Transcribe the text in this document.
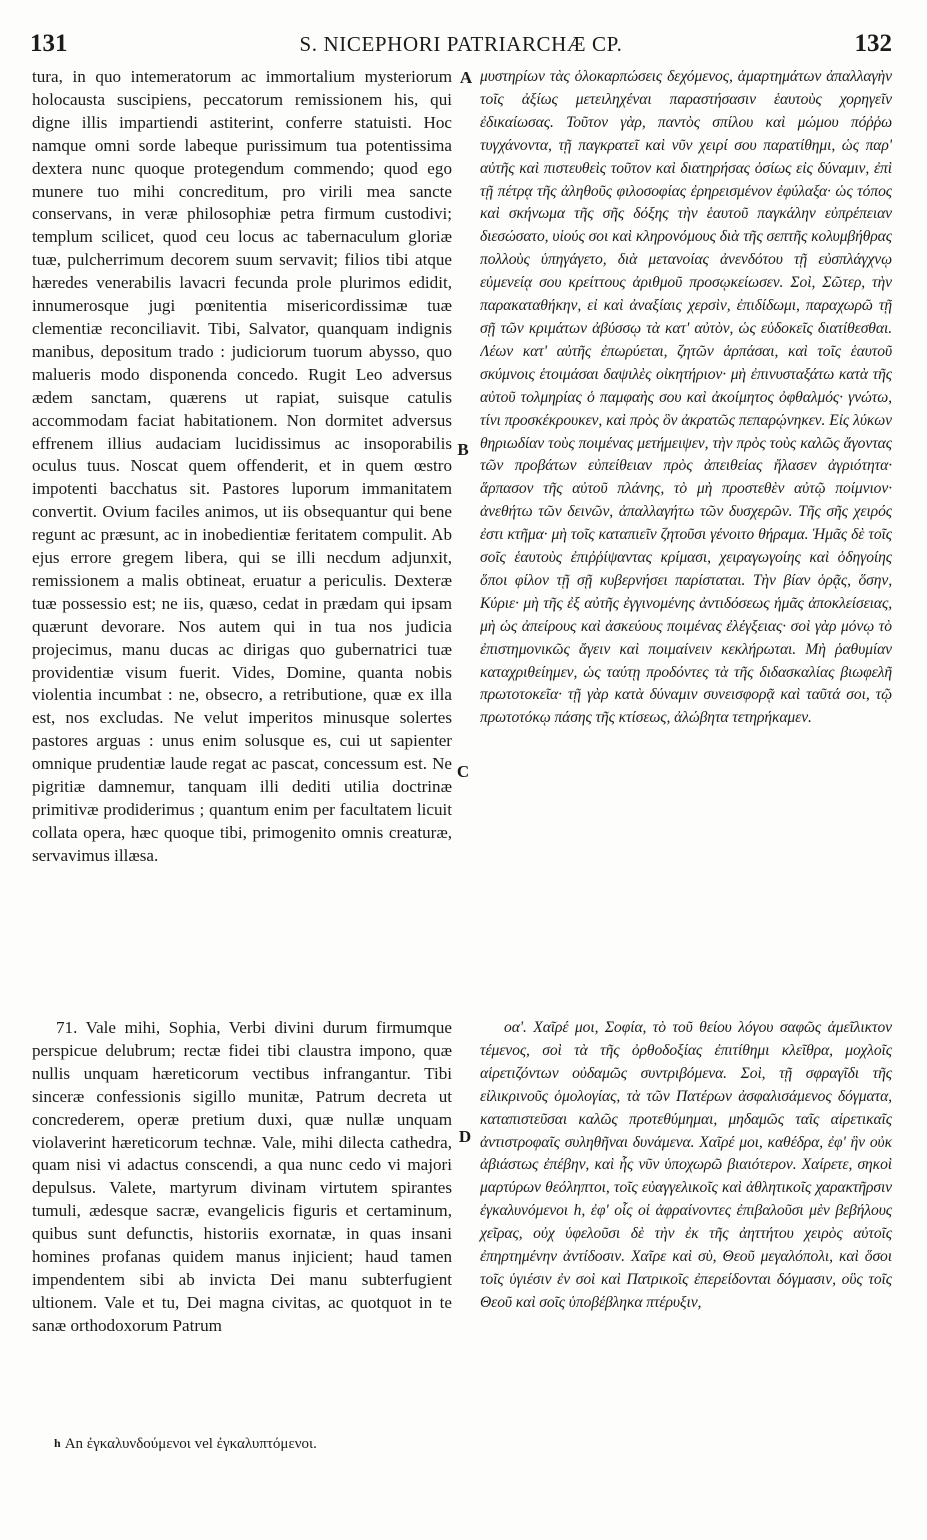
131	S. NICEPHORI PATRIARCHÆ CP.	132

tura, in quo intemeratorum ac immortalium mysteriorum holocausta suscipiens, peccatorum remissionem his, qui digne illis impartiendi astiterint, conferre statuisti. Hoc namque omni sorde labeque purissimum tua potentissima dextera nunc quoque protegendum commendo; quod ego munere tuo mihi concreditum, pro virili mea sancte conservans, in veræ philosophiæ petra firmum custodivi; templum scilicet, quod ceu locus ac tabernaculum gloriæ tuæ, pulcherrimum decorem suum servavit; filios tibi atque hæredes venerabilis lavacri fecunda prole plurimos edidit, innumerosque jugi pœnitentia misericordissimæ tuæ clementiæ reconciliavit. Tibi, Salvator, quanquam indignis manibus, depositum trado : judiciorum tuorum abysso, quo malueris modo disponenda concedo. Rugit Leo adversus ædem sanctam, quærens ut rapiat, suisque catulis accommodam faciat habitationem. Non dormitet adversus effrenem illius audaciam lucidissimus ac insoporabilis oculus tuus. Noscat quem offenderit, et in quem œstro impotenti bacchatus sit. Pastores luporum immanitatem convertit. Ovium faciles animos, ut iis obsequantur qui bene regunt ac præsunt, ac in inobedientiæ feritatem compulit. Ab ejus errore gregem libera, qui se illi necdum adjunxit, remissionem a malis obtineat, eruatur a periculis. Dexteræ tuæ possessio est; ne iis, quæso, cedat in prædam qui ipsam quærunt devorare. Nos autem qui in tua nos judicia projecimus, manu ducas ac dirigas quo gubernatrici tuæ providentiæ visum fuerit. Vides, Domine, quanta nobis violentia incumbat : ne, obsecro, a retributione, quæ ex illa est, nos excludas. Ne velut imperitos minusque solertes pastores arguas : unus enim solusque es, cui ut sapienter omnique prudentiæ laude regat ac pascat, concessum est. Ne pigritiæ damnemur, tanquam illi dediti utilia doctrinæ primitivæ prodiderimus ; quantum enim per facultatem licuit collata opera, hæc quoque tibi, primogenito omnis creaturæ, servavimus illæsa.

μυστηρίων τὰς ὁλοκαρπώσεις δεχόμενος, ἁμαρτημάτων ἀπαλλαγὴν τοῖς ἀξίως μετειληχέναι παραστήσασιν ἑαυτοὺς χορηγεῖν ἐδικαίωσας. Τοῦτον γὰρ, παντὸς σπίλου καὶ μώμου πόῤῥω τυγχάνοντα, τῇ παγκρατεῖ καὶ νῦν χειρί σου παρατίθημι, ὡς παρ' αὐτῆς καὶ πιστευθεὶς τοῦτον καὶ διατηρήσας ὁσίως εἰς δύναμιν, ἐπὶ τῇ πέτρᾳ τῆς ἀληθοῦς φιλοσοφίας ἐρηρεισμένον ἐφύλαξα· ὡς τόπος καὶ σκήνωμα τῆς σῆς δόξης τὴν ἑαυτοῦ παγκάλην εὐπρέπειαν διεσώσατο, υἱούς σοι καὶ κληρονόμους διὰ τῆς σεπτῆς κολυμβήθρας πολλοὺς ὑπηγάγετο, διὰ μετανοίας ἀνενδότου τῇ εὐσπλάγχνῳ εὐμενείᾳ σου κρείττους ἀριθμοῦ προσῳκείωσεν. Σοὶ, Σῶτερ, τὴν παρακαταθήκην, εἰ καὶ ἀναξίαις χερσὶν, ἐπιδίδωμι, παραχωρῶ τῇ σῇ τῶν κριμάτων ἀβύσσῳ τὰ κατ' αὐτὸν, ὡς εὐδοκεῖς διατίθεσθαι. Λέων κατ' αὐτῆς ἐπωρύεται, ζητῶν ἁρπάσαι, καὶ τοῖς ἑαυτοῦ σκύμνοις ἑτοιμάσαι δαψιλὲς οἰκητήριον· μὴ ἐπινυσταξάτω κατὰ τῆς αὐτοῦ τολμηρίας ὁ παμφαὴς σου καὶ ἀκοίμητος ὀφθαλμός· γνώτω, τίνι προσκέκρουκεν, καὶ πρὸς ὃν ἀκρατῶς πεπαρῴνηκεν. Εἰς λύκων θηριωδίαν τοὺς ποιμένας μετήμειψεν, τὴν πρὸς τοὺς καλῶς ἄγοντας τῶν προβάτων εὐπείθειαν πρὸς ἀπειθείας ἤλασεν ἀγριότητα· ἅρπασον τῆς αὐτοῦ πλάνης, τὸ μὴ προστεθὲν αὐτῷ ποίμνιον· ἀνεθήτω τῶν δεινῶν, ἀπαλλαγήτω τῶν δυσχερῶν. Τῆς σῆς χειρός ἐστι κτῆμα· μὴ τοῖς καταπιεῖν ζητοῦσι γένοιτο θήραμα. Ἡμᾶς δὲ τοῖς σοῖς ἑαυτοὺς ἐπιῤῥίψαντας κρίμασι, χειραγωγοίης καὶ ὁδηγοίης ὅποι φίλον τῇ σῇ κυβερνήσει παρίσταται. Τὴν βίαν ὁρᾷς, ὅσην, Κύριε· μὴ τῆς ἐξ αὐτῆς ἐγγινομένης ἀντιδόσεως ἡμᾶς ἀποκλείσειας, μὴ ὡς ἀπείρους καὶ ἀσκεύους ποιμένας ἐλέγξειας· σοὶ γὰρ μόνῳ τὸ ἐπιστημονικῶς ἄγειν καὶ ποιμαίνειν κεκλήρωται. Μὴ ῥαθυμίαν καταχριθείημεν, ὡς ταύτῃ προδόντες τὰ τῆς διδασκαλίας βιωφελῆ πρωτοτοκεῖα· τῇ γὰρ κατὰ δύναμιν συνεισφορᾷ καὶ ταῦτά σοι, τῷ πρωτοτόκῳ πάσης τῆς κτίσεως, ἀλώβητα τετηρήκαμεν.

A
B
C
D

71. Vale mihi, Sophia, Verbi divini durum firmumque perspicue delubrum; rectæ fidei tibi claustra impono, quæ nullis unquam hæreticorum vectibus infrangantur. Tibi sinceræ confessionis sigillo munitæ, Patrum decreta ut concrederem, operæ pretium duxi, quæ nullæ unquam violaverint hæreticorum technæ. Vale, mihi dilecta cathedra, quam nisi vi adactus conscendi, a qua nunc cedo vi majori depulsus. Valete, martyrum divinam virtutem spirantes tumuli, ædesque sacræ, evangelicis figuris et certaminum, quibus sunt defunctis, historiis exornatæ, in quas insani homines profanas quidem manus injicient; haud tamen impendentem sibi ab invicta Dei manu subterfugient ultionem. Vale et tu, Dei magna civitas, ac quotquot in te sanæ orthodoxorum Patrum

οα'. Χαῖρέ μοι, Σοφία, τὸ τοῦ θείου λόγου σαφῶς ἀμεῖλικτον τέμενος, σοὶ τὰ τῆς ὀρθοδοξίας ἐπιτίθημι κλεῖθρα, μοχλοῖς αἱρετιζόντων οὐδαμῶς συντριβόμενα. Σοὶ, τῇ σφραγῖδι τῆς εἰλικρινοῦς ὁμολογίας, τὰ τῶν Πατέρων ἀσφαλισάμενος δόγματα, καταπιστεῦσαι καλῶς προτεθύμημαι, μηδαμῶς ταῖς αἱρετικαῖς ἀντιστροφαῖς συληθῆναι δυνάμενα. Χαῖρέ μοι, καθέδρα, ἐφ' ἣν οὐκ ἀβιάστως ἐπέβην, καὶ ἧς νῦν ὑποχωρῶ βιαιότερον. Χαίρετε, σηκοὶ μαρτύρων θεόληπτοι, τοῖς εὐαγγελικοῖς καὶ ἀθλητικοῖς χαρακτῆρσιν ἐγκαλυνόμενοι h, ἐφ' οἷς οἱ ἀφραίνοντες ἐπιβαλοῦσι μὲν βεβήλους χεῖρας, οὐχ ὑφελοῦσι δὲ τὴν ἐκ τῆς ἀηττήτου χειρὸς αὐτοῖς ἐπηρτημένην ἀντίδοσιν. Χαῖρε καὶ σὺ, Θεοῦ μεγαλόπολι, καὶ ὅσοι τοῖς ὑγιέσιν ἐν σοὶ καὶ Πατρικοῖς ἐπερείδονται δόγμασιν, οὓς τοῖς Θεοῦ καὶ σοῖς ὑποβέβληκα πτέρυξιν,

$^h$ An ἐγκαλυνδούμενοι vel ἐγκαλυπτόμενοι.
